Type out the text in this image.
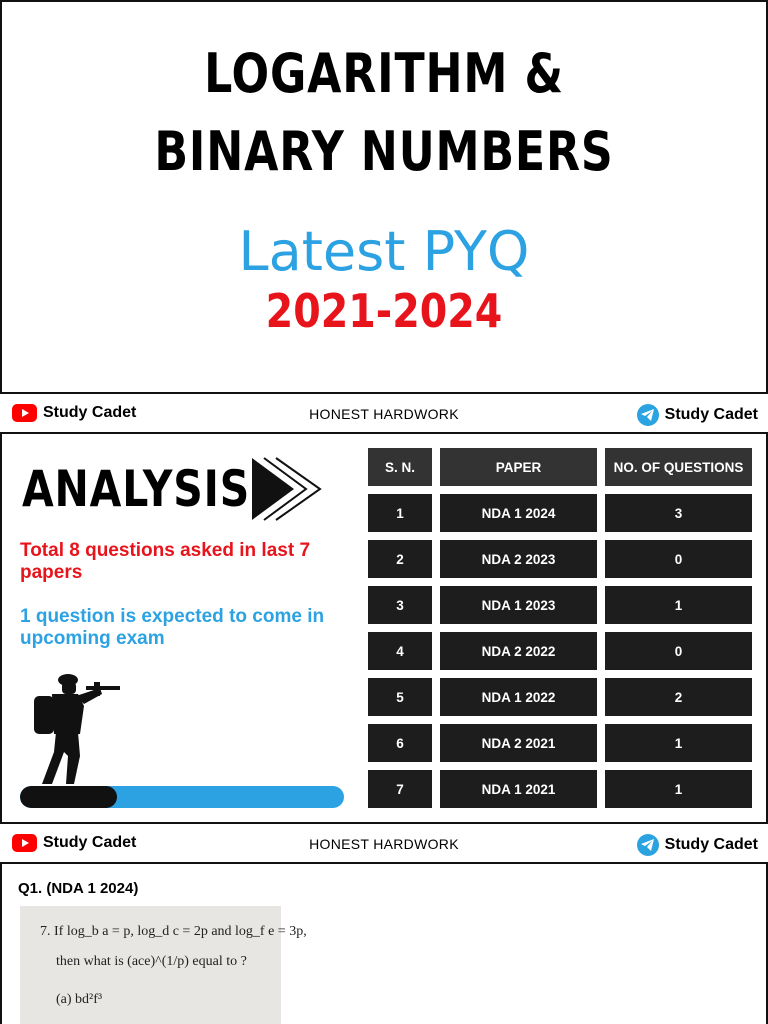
LOGARITHM &
BINARY NUMBERS
Latest PYQ
2021-2024
Study Cadet	HONEST HARDWORK	Study Cadet
ANALYSIS
Total 8 questions asked in last 7 papers
1 question is expected to come in upcoming exam
S. N.	PAPER	NO. OF QUESTIONS
1	NDA 1 2024	3
2	NDA 2 2023	0
3	NDA 1 2023	1
4	NDA 2 2022	0
5	NDA 1 2022	2
6	NDA 2 2021	1
7	NDA 1 2021	1
Study Cadet	HONEST HARDWORK	Study Cadet
Q1. (NDA 1 2024)
7. If log_b a = p, log_d c = 2p and log_f e = 3p,
then what is (ace)^(1/p) equal to ?
(a) bd²f³
